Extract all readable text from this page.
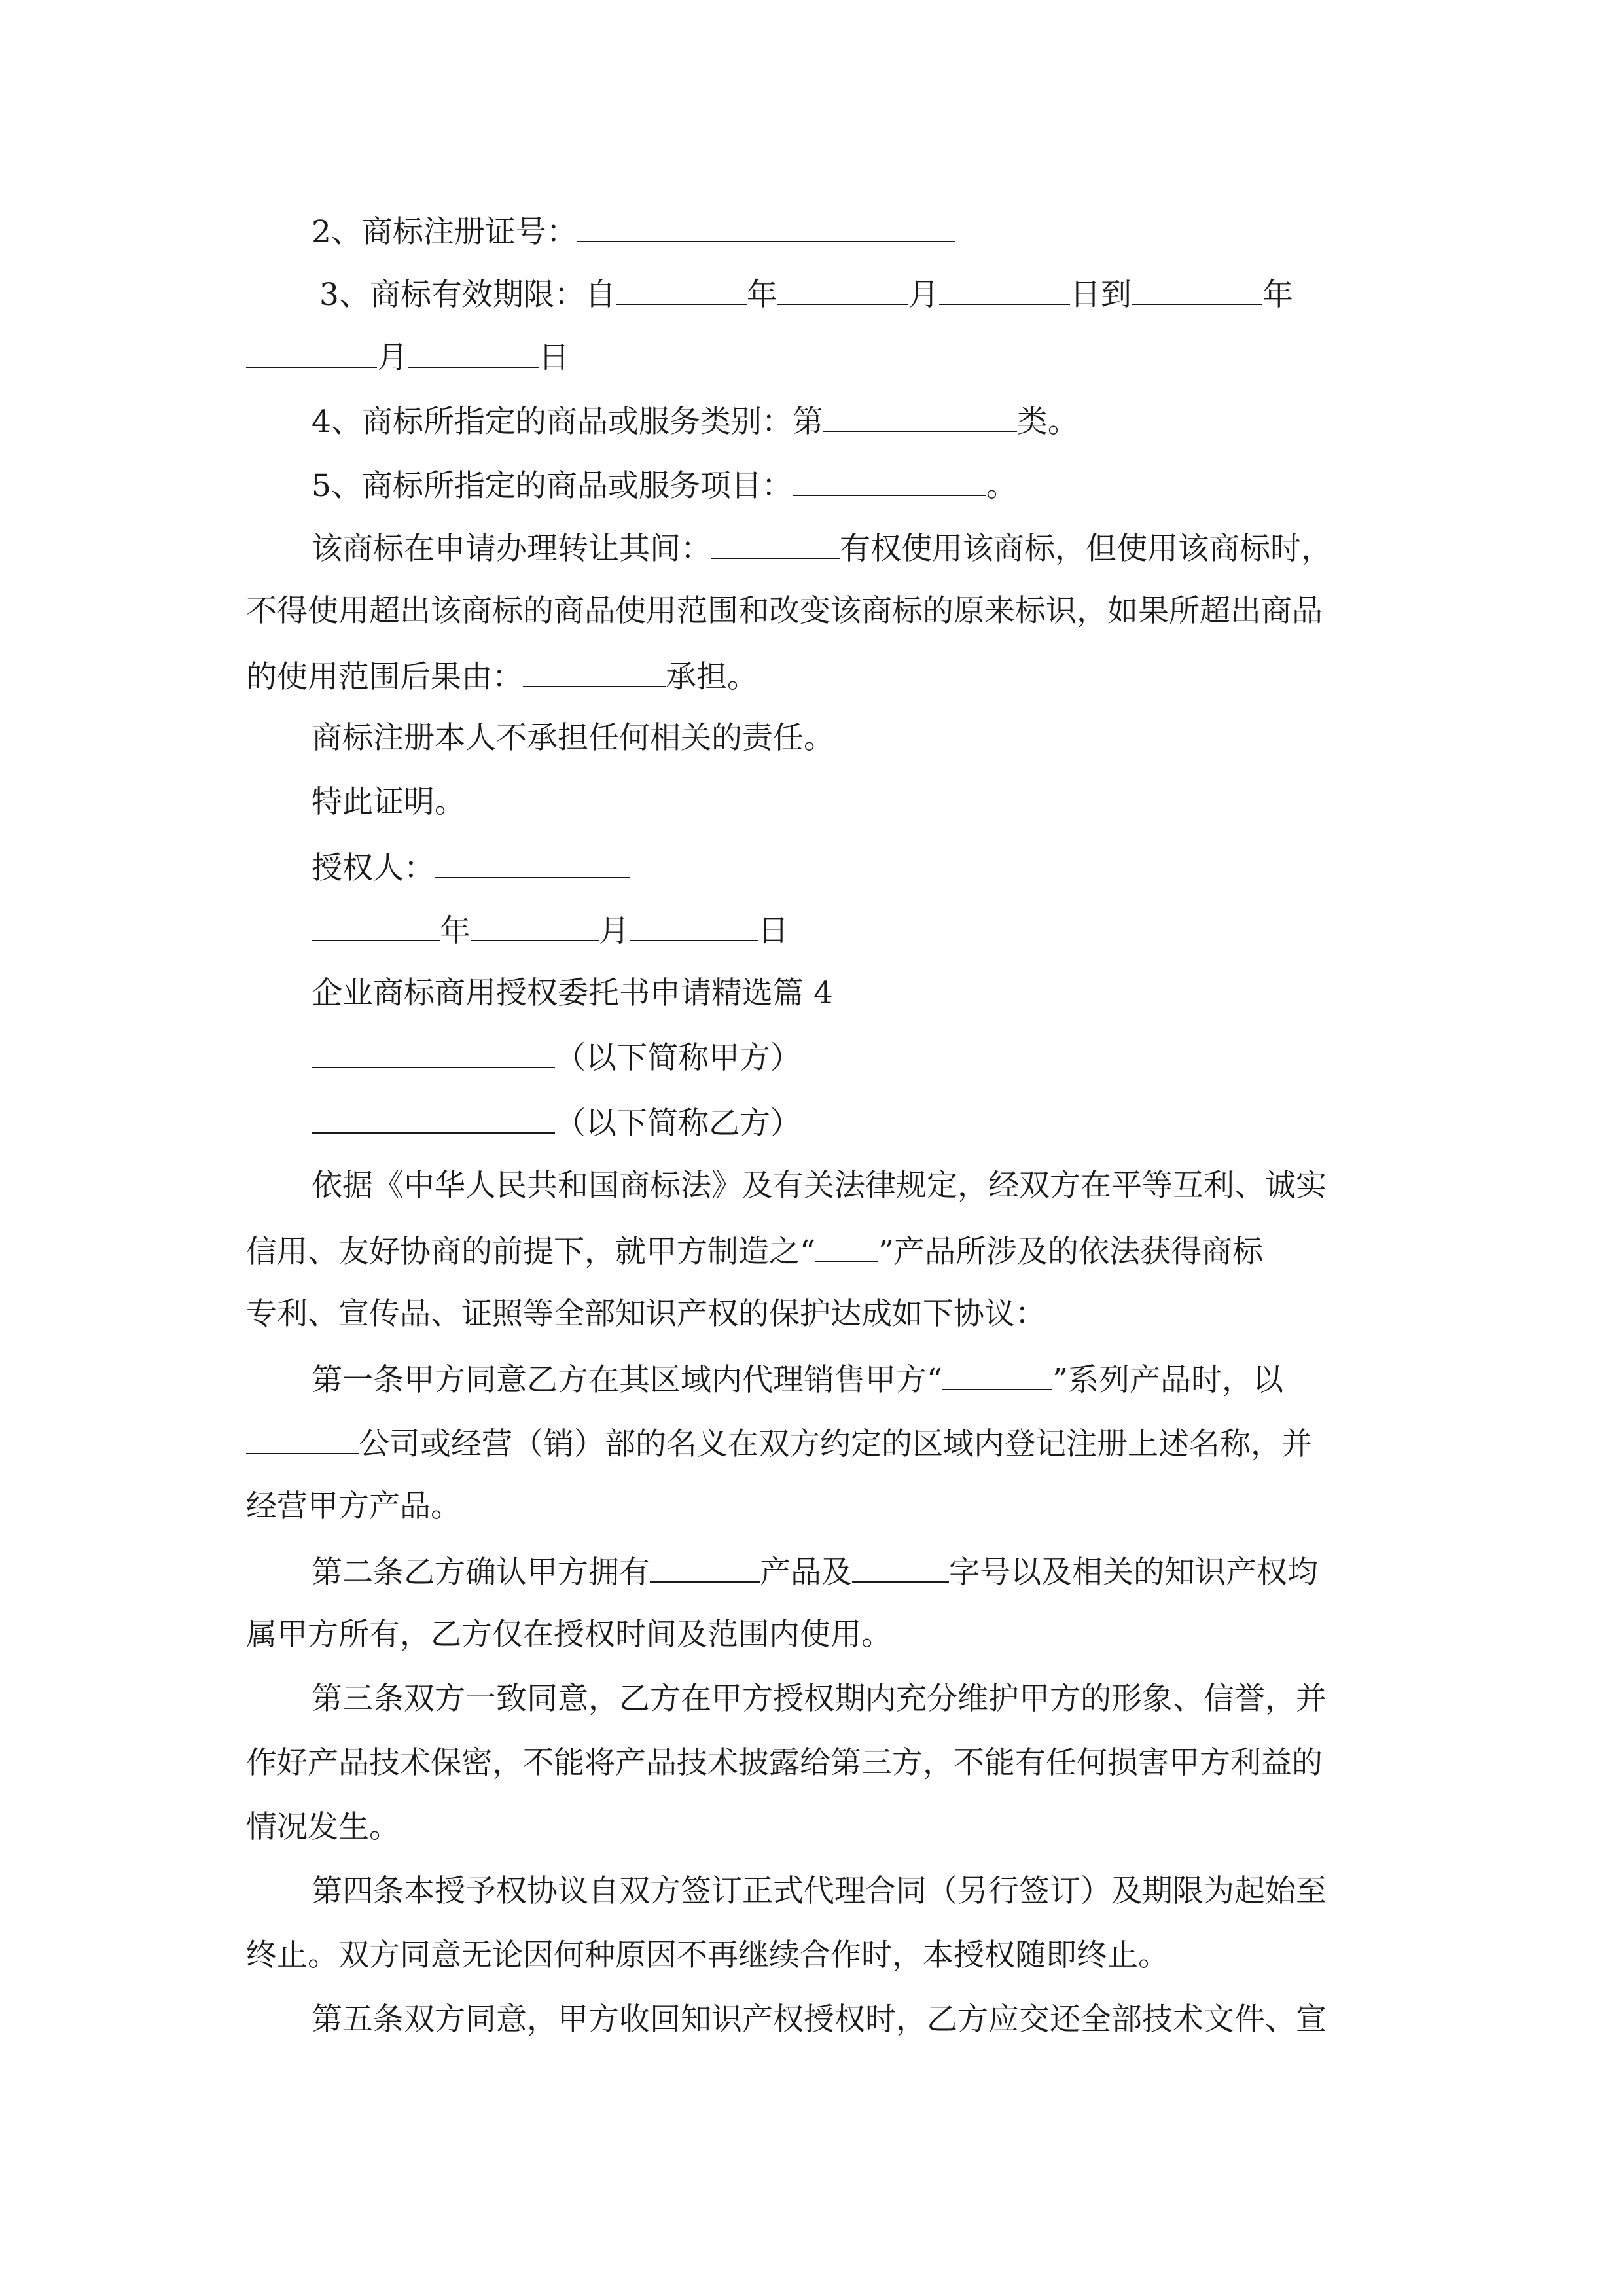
2、商标注册证号：
3、商标有效期限：自	年	月	日到	年
月	日
4、商标所指定的商品或服务类别：第	类。
5、商标所指定的商品或服务项目：	。
该商标在申请办理转让其间：	有权使用该商标，但使用该商标时，
不得使用超出该商标的商品使用范围和改变该商标的原来标识，如果所超出商品
的使用范围后果由：	承担。
商标注册本人不承担任何相关的责任。
特此证明。
授权人：
年	月	日
企业商标商用授权委托书申请精选篇 4
（以下简称甲方）
（以下简称乙方）
依据《中华人民共和国商标法》及有关法律规定，经双方在平等互利、诚实
信用、友好协商的前提下，就甲方制造之“ ”产品所涉及的依法获得商标
专利、宣传品、证照等全部知识产权的保护达成如下协议：
第一条甲方同意乙方在其区域内代理销售甲方“	”系列产品时，以
公司或经营（销）部的名义在双方约定的区域内登记注册上述名称，并
经营甲方产品。
第二条乙方确认甲方拥有	产品及	字号以及相关的知识产权均
属甲方所有，乙方仅在授权时间及范围内使用。
第三条双方一致同意，乙方在甲方授权期内充分维护甲方的形象、信誉，并
作好产品技术保密，不能将产品技术披露给第三方，不能有任何损害甲方利益的
情况发生。
第四条本授予权协议自双方签订正式代理合同（另行签订）及期限为起始至
终止。双方同意无论因何种原因不再继续合作时，本授权随即终止。
第五条双方同意，甲方收回知识产权授权时，乙方应交还全部技术文件、宣
